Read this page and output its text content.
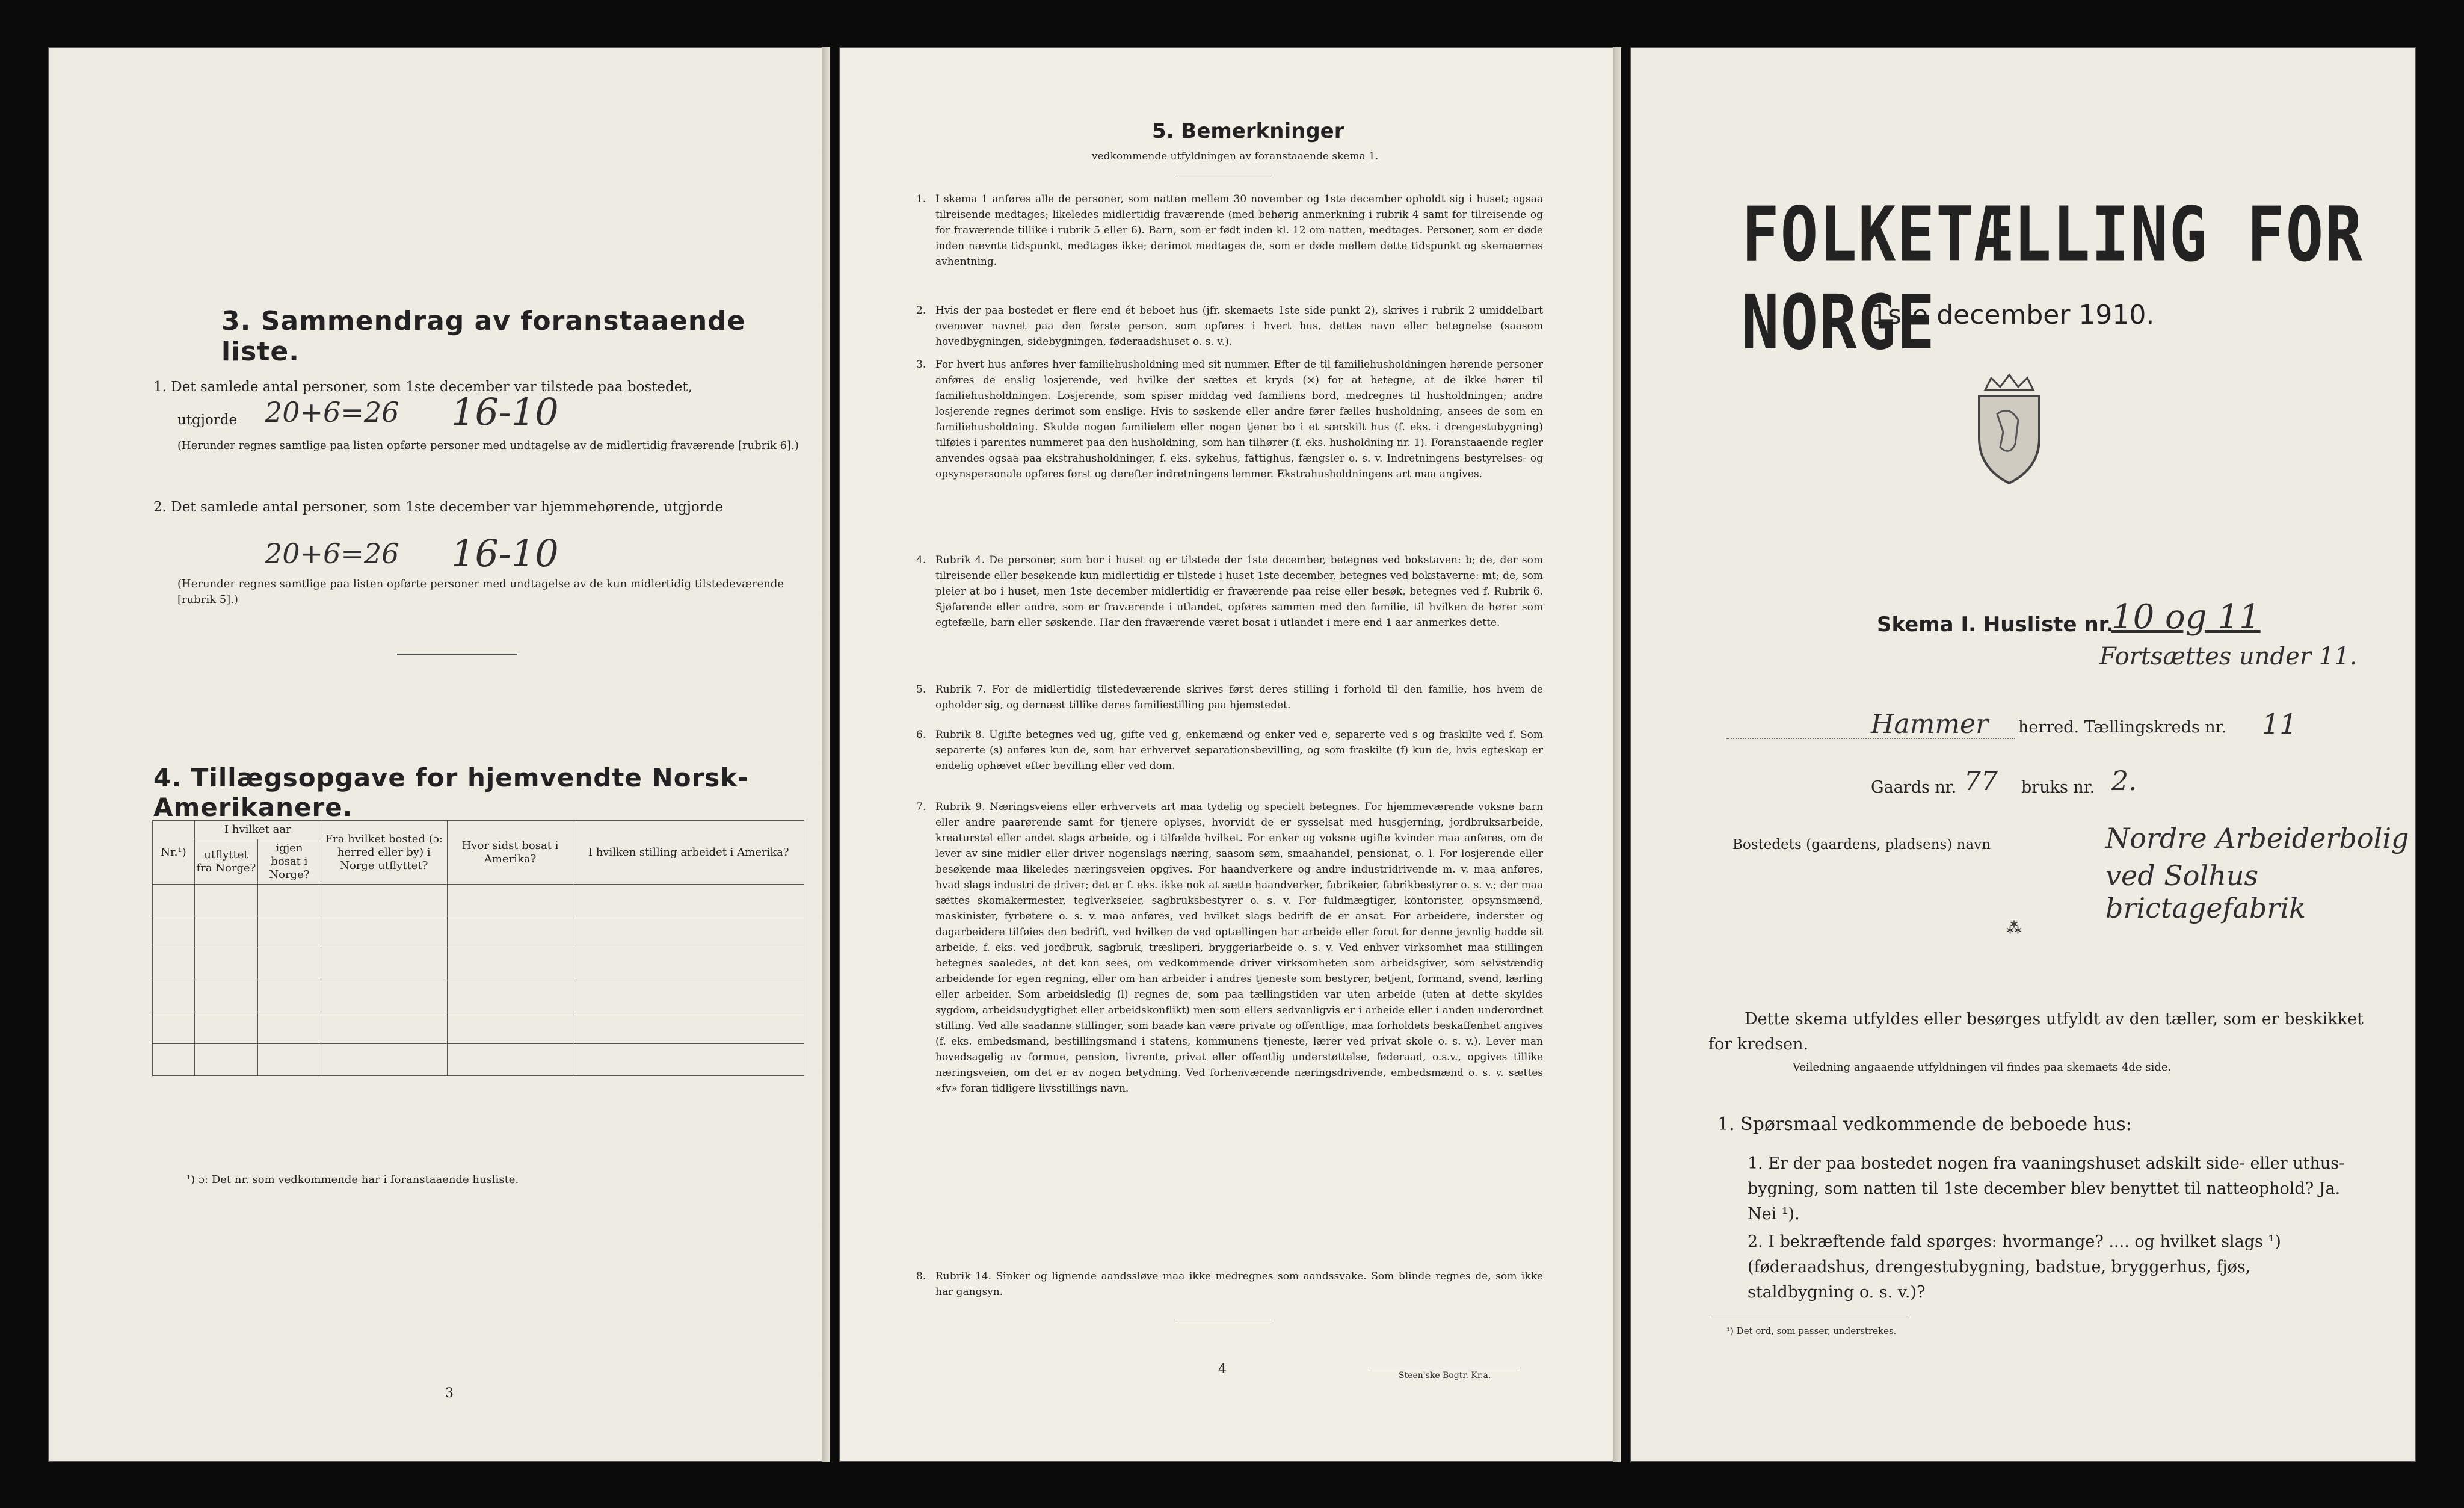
3. Sammendrag av foranstaaende liste.
1. Det samlede antal personer, som 1ste december var tilstede paa bostedet,
utgjorde 20+6=26 16-10
(Herunder regnes samtlige paa listen opførte personer med undtagelse av de midlertidig fraværende [rubrik 6].)
2. Det samlede antal personer, som 1ste december var hjemmehørende, utgjorde
20+6=26 16-10
(Herunder regnes samtlige paa listen opførte personer med undtagelse av de kun midlertidig tilstedeværende [rubrik 5].)
4. Tillægsopgave for hjemvendte Norsk-Amerikanere.
Nr.¹)	I hvilket aar		Fra hvilket bosted (ɔ: herred eller by) i Norge utflyttet?	Hvor sidst bosat i Amerika?	I hvilken stilling arbeidet i Amerika?
	utflyttet fra Norge?	igjen bosat i Norge?			

¹) ɔ: Det nr. som vedkommende har i foranstaaende husliste.
3
5. Bemerkninger
vedkommende utfyldningen av foranstaaende skema 1.
1. I skema 1 anføres alle de personer, som natten mellem 30 november og 1ste december opholdt sig i huset; ogsaa tilreisende medtages; likeledes midlertidig fraværende (med behørig anmerkning i rubrik 4 samt for tilreisende og for fraværende tillike i rubrik 5 eller 6). Barn, som er født inden kl. 12 om natten, medtages. Personer, som er døde inden nævnte tidspunkt, medtages ikke; derimot medtages de, som er døde mellem dette tidspunkt og skemaernes avhentning.
2. Hvis der paa bostedet er flere end ét beboet hus (jfr. skemaets 1ste side punkt 2), skrives i rubrik 2 umiddelbart ovenover navnet paa den første person, som opføres i hvert hus, dettes navn eller betegnelse (saasom hovedbygningen, sidebygningen, føderaadshuset o. s. v.).
3. For hvert hus anføres hver familiehusholdning med sit nummer. Efter de til familiehusholdningen hørende personer anføres de enslig losjerende, ved hvilke der sættes et kryds (×) for at betegne, at de ikke hører til familiehusholdningen. Losjerende, som spiser middag ved familiens bord, medregnes til husholdningen; andre losjerende regnes derimot som enslige. Hvis to søskende eller andre fører fælles husholdning, ansees de som en familiehusholdning. Skulde nogen familielem eller nogen tjener bo i et særskilt hus (f. eks. i drengestubygning) tilføies i parentes nummeret paa den husholdning, som han tilhører (f. eks. husholdning nr. 1). Foranstaaende regler anvendes ogsaa paa ekstrahusholdninger, f. eks. sykehus, fattighus, fængsler o. s. v. Indretningens bestyrelses- og opsynspersonale opføres først og derefter indretningens lemmer. Ekstrahusholdningens art maa angives.
4. Rubrik 4. De personer, som bor i huset og er tilstede der 1ste december, betegnes ved bokstaven: b; de, der som tilreisende eller besøkende kun midlertidig er tilstede i huset 1ste december, betegnes ved bokstaverne: mt; de, som pleier at bo i huset, men 1ste december midlertidig er fraværende paa reise eller besøk, betegnes ved f. Rubrik 6. Sjøfarende eller andre, som er fraværende i utlandet, opføres sammen med den familie, til hvilken de hører som egtefælle, barn eller søskende. Har den fraværende været bosat i utlandet i mere end 1 aar anmerkes dette.
5. Rubrik 7. For de midlertidig tilstedeværende skrives først deres stilling i forhold til den familie, hos hvem de opholder sig, og dernæst tillike deres familiestilling paa hjemstedet.
6. Rubrik 8. Ugifte betegnes ved ug, gifte ved g, enkemænd og enker ved e, separerte ved s og fraskilte ved f. Som separerte (s) anføres kun de, som har erhvervet separationsbevilling, og som fraskilte (f) kun de, hvis egteskap er endelig ophævet efter bevilling eller ved dom.
7. Rubrik 9. Næringsveiens eller erhvervets art maa tydelig og specielt betegnes. For hjemmeværende voksne barn eller andre paarørende samt for tjenere oplyses, hvorvidt de er sysselsat med husgjerning, jordbruksarbeide, kreaturstel eller andet slags arbeide, og i tilfælde hvilket. For enker og voksne ugifte kvinder maa anføres, om de lever av sine midler eller driver nogenslags næring, saasom søm, smaahandel, pensionat, o. l. For losjerende eller besøkende maa likeledes næringsveien opgives. For haandverkere og andre industridrivende m. v. maa anføres, hvad slags industri de driver; det er f. eks. ikke nok at sætte haandverker, fabrikeier, fabrikbestyrer o. s. v.; der maa sættes skomakermester, teglverkseier, sagbruksbestyrer o. s. v. For fuldmægtiger, kontorister, opsynsmænd, maskinister, fyrbøtere o. s. v. maa anføres, ved hvilket slags bedrift de er ansat. For arbeidere, inderster og dagarbeidere tilføies den bedrift, ved hvilken de ved optællingen har arbeide eller forut for denne jevnlig hadde sit arbeide, f. eks. ved jordbruk, sagbruk, træsliperi, bryggeriarbeide o. s. v. Ved enhver virksomhet maa stillingen betegnes saaledes, at det kan sees, om vedkommende driver virksomheten som arbeidsgiver, som selvstændig arbeidende for egen regning, eller om han arbeider i andres tjeneste som bestyrer, betjent, formand, svend, lærling eller arbeider. Som arbeidsledig (l) regnes de, som paa tællingstiden var uten arbeide (uten at dette skyldes sygdom, arbeidsudygtighet eller arbeidskonflikt) men som ellers sedvanligvis er i arbeide eller i anden underordnet stilling. Ved alle saadanne stillinger, som baade kan være private og offentlige, maa forholdets beskaffenhet angives (f. eks. embedsmand, bestillingsmand i statens, kommunens tjeneste, lærer ved privat skole o. s. v.). Lever man hovedsagelig av formue, pension, livrente, privat eller offentlig understøttelse, føderaad, o.s.v., opgives tillike næringsveien, om det er av nogen betydning. Ved forhenværende næringsdrivende, embedsmænd o. s. v. sættes «fv» foran tidligere livsstillings navn.
8. Rubrik 14. Sinker og lignende aandssløve maa ikke medregnes som aandssvake. Som blinde regnes de, som ikke har gangsyn.
4	Steen'ske Bogtr. Kr.a.
FOLKETÆLLING FOR NORGE
1ste december 1910.
Skema I. Husliste nr.
10 og 11
Fortsættes under 11.
Hammer herred. Tællingskreds nr. 11
Gaards nr. 77 bruks nr. 2.
Bostedets (gaardens, pladsens) navn	Nordre Arbeiderbolig
ved Solhus brictagefabrik
⁂
Dette skema utfyldes eller besørges utfyldt av den tæller, som er beskikket for kredsen.
Veiledning angaaende utfyldningen vil findes paa skemaets 4de side.
1. Spørsmaal vedkommende de beboede hus:
1. Er der paa bostedet nogen fra vaaningshuset adskilt side- eller uthus-bygning, som natten til 1ste december blev benyttet til natteophold? Ja. Nei ¹).
2. I bekræftende fald spørges: hvormange? .... og hvilket slags ¹) (føderaadshus, drengestubygning, badstue, bryggerhus, fjøs, staldbygning o. s. v.)?
¹) Det ord, som passer, understrekes.
